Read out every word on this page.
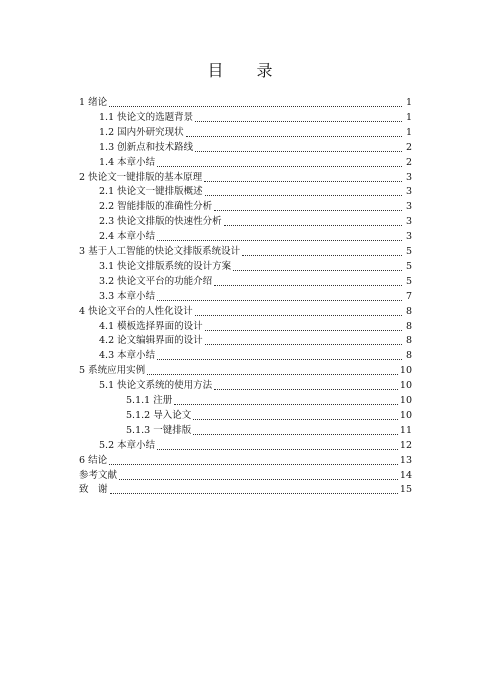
目 录
1 绪论	1
1.1 快论文的选题背景	1
1.2 国内外研究现状	1
1.3 创新点和技术路线	2
1.4 本章小结	2
2 快论文一键排版的基本原理	3
2.1 快论文一键排版概述	3
2.2 智能排版的准确性分析	3
2.3 快论文排版的快速性分析	3
2.4 本章小结	3
3 基于人工智能的快论文排版系统设计	5
3.1 快论文排版系统的设计方案	5
3.2 快论文平台的功能介绍	5
3.3 本章小结	7
4 快论文平台的人性化设计	8
4.1 模板选择界面的设计	8
4.2 论文编辑界面的设计	8
4.3 本章小结	8
5 系统应用实例	10
5.1 快论文系统的使用方法	10
5.1.1 注册	10
5.1.2 导入论文	10
5.1.3 一键排版	11
5.2 本章小结	12
6 结论	13
参考文献	14
致　谢	15
